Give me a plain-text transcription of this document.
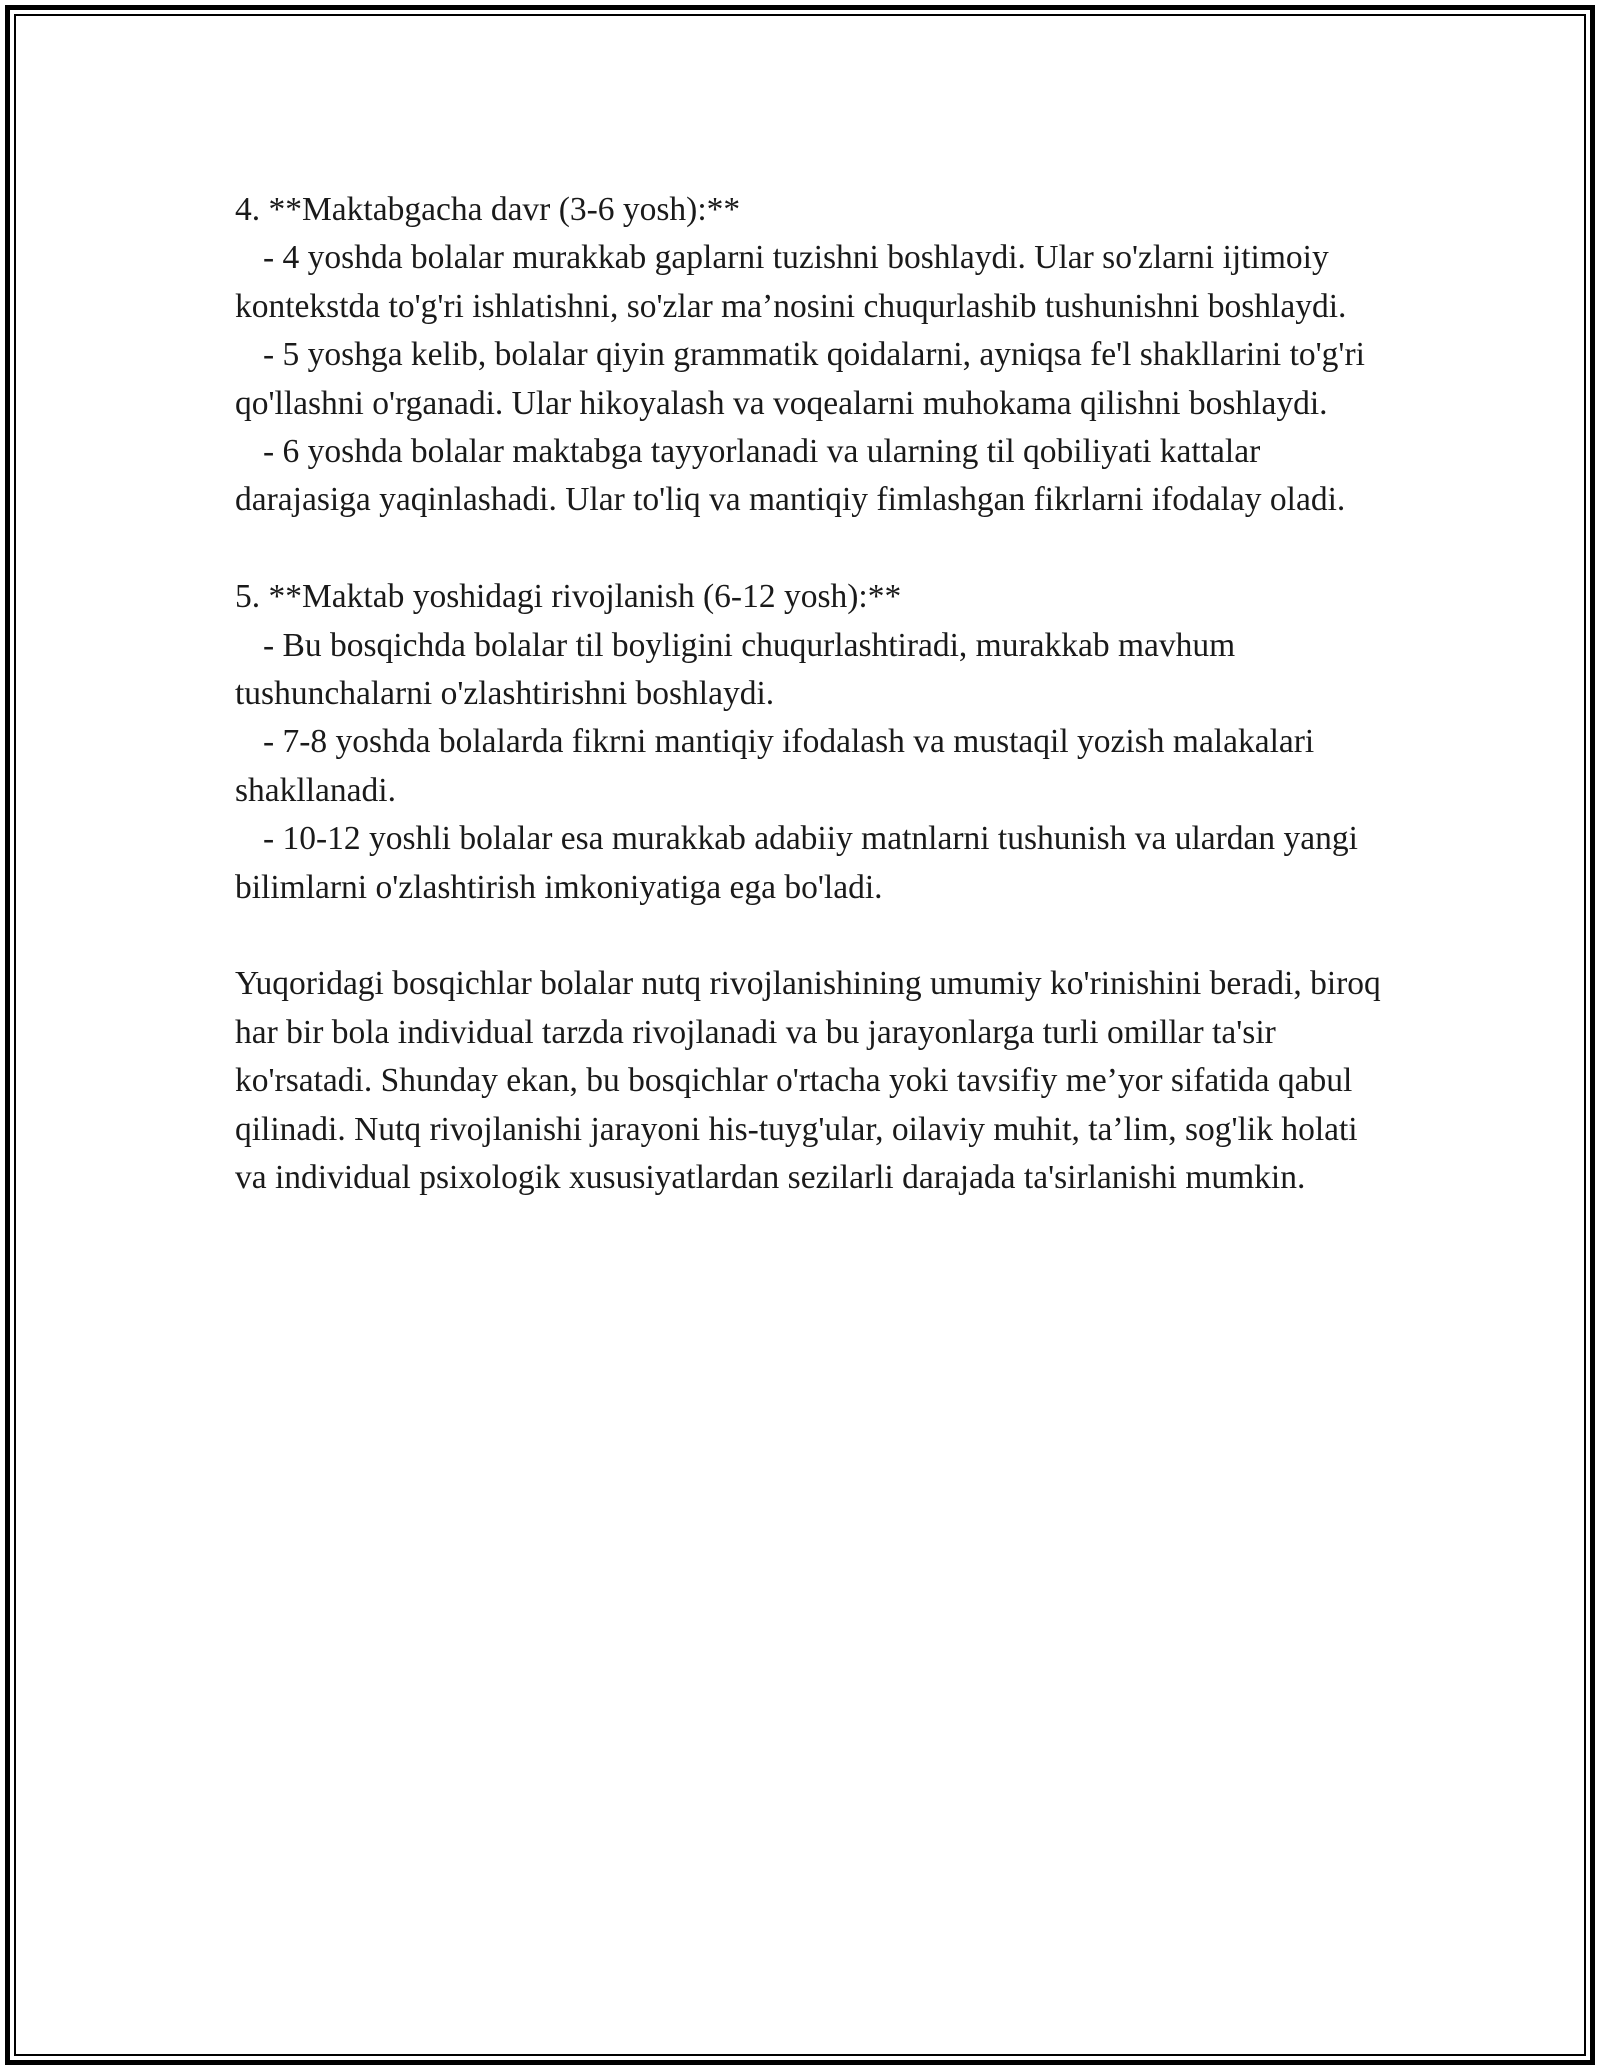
4. **Maktabgacha davr (3-6 yosh):**
- 4 yoshda bolalar murakkab gaplarni tuzishni boshlaydi. Ular so'zlarni ijtimoiy kontekstda to'g'ri ishlatishni, so'zlar ma’nosini chuqurlashib tushunishni boshlaydi.
- 5 yoshga kelib, bolalar qiyin grammatik qoidalarni, ayniqsa fe'l shakllarini to'g'ri qo'llashni o'rganadi. Ular hikoyalash va voqealarni muhokama qilishni boshlaydi.
- 6 yoshda bolalar maktabga tayyorlanadi va ularning til qobiliyati kattalar darajasiga yaqinlashadi. Ular to'liq va mantiqiy fimlashgan fikrlarni ifodalay oladi.
5. **Maktab yoshidagi rivojlanish (6-12 yosh):**
- Bu bosqichda bolalar til boyligini chuqurlashtiradi, murakkab mavhum tushunchalarni o'zlashtirishni boshlaydi.
- 7-8 yoshda bolalarda fikrni mantiqiy ifodalash va mustaqil yozish malakalari shakllanadi.
- 10-12 yoshli bolalar esa murakkab adabiiy matnlarni tushunish va ulardan yangi bilimlarni o'zlashtirish imkoniyatiga ega bo'ladi.
Yuqoridagi bosqichlar bolalar nutq rivojlanishining umumiy ko'rinishini beradi, biroq har bir bola individual tarzda rivojlanadi va bu jarayonlarga turli omillar ta'sir ko'rsatadi. Shunday ekan, bu bosqichlar o'rtacha yoki tavsifiy me’yor sifatida qabul qilinadi. Nutq rivojlanishi jarayoni his-tuyg'ular, oilaviy muhit, ta’lim, sog'lik holati va individual psixologik xususiyatlardan sezilarli darajada ta'sirlanishi mumkin.
